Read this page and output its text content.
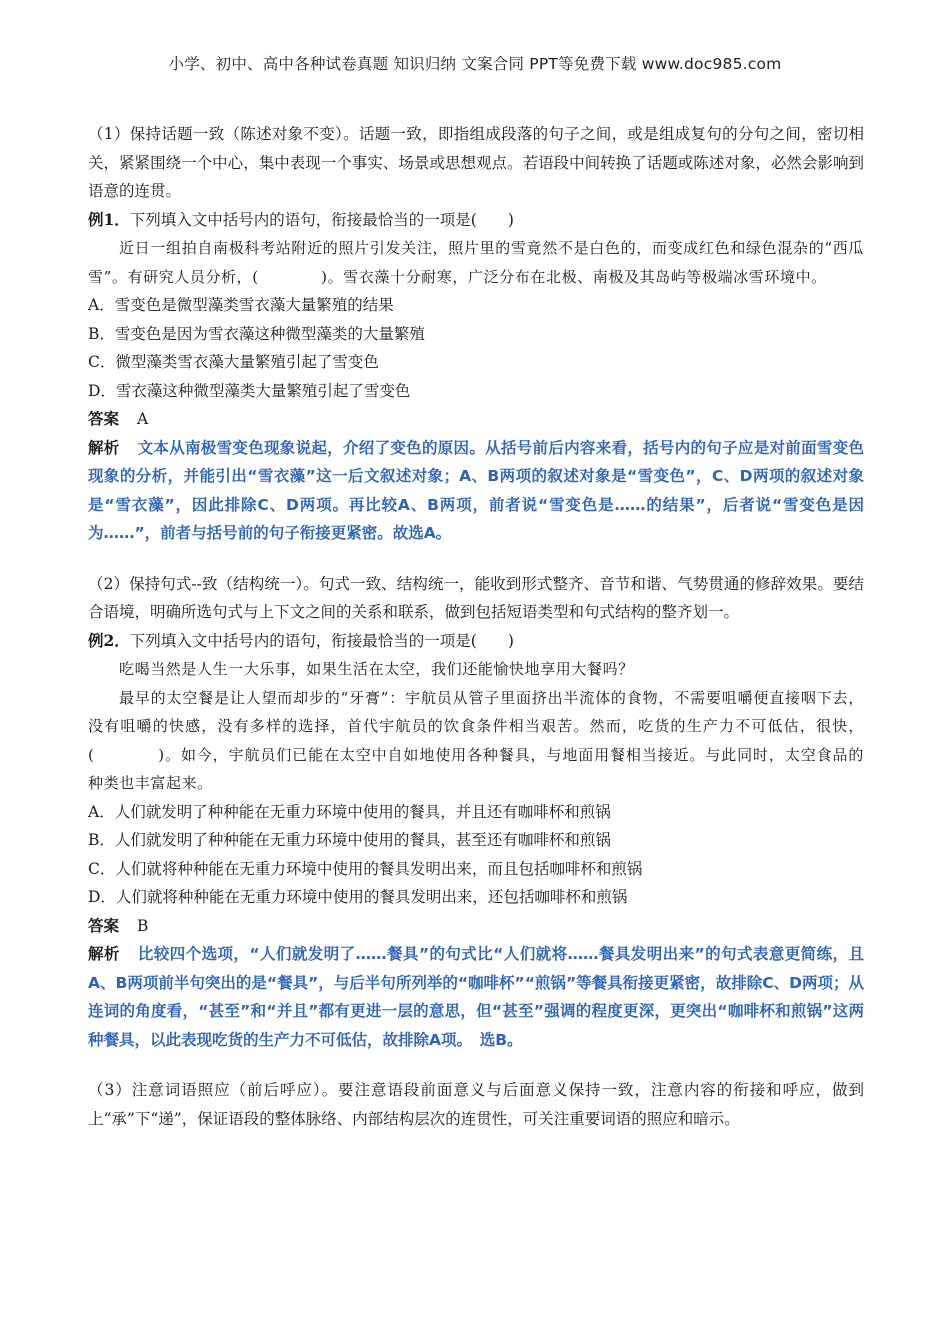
小学、初中、高中各种试卷真题 知识归纳 文案合同 PPT等免费下载 www.doc985.com

（1）保持话题一致（陈述对象不变）。话题一致，即指组成段落的句子之间，或是组成复句的分句之间，密切相关，紧紧围绕一个中心，集中表现一个事实、场景或思想观点。若语段中间转换了话题或陈述对象，必然会影响到语意的连贯。

例1．下列填入文中括号内的语句，衔接最恰当的一项是(　　)

近日一组拍自南极科考站附近的照片引发关注，照片里的雪竟然不是白色的，而变成红色和绿色混杂的“西瓜雪”。有研究人员分析，(　　　　)。雪衣藻十分耐寒，广泛分布在北极、南极及其岛屿等极端冰雪环境中。

A．雪变色是微型藻类雪衣藻大量繁殖的结果

B．雪变色是因为雪衣藻这种微型藻类的大量繁殖

C．微型藻类雪衣藻大量繁殖引起了雪变色

D．雪衣藻这种微型藻类大量繁殖引起了雪变色

答案 A

解析 文本从南极雪变色现象说起，介绍了变色的原因。从括号前后内容来看，括号内的句子应是对前面雪变色现象的分析，并能引出“雪衣藻”这一后文叙述对象；A、B两项的叙述对象是“雪变色”，C、D两项的叙述对象是“雪衣藻”，因此排除C、D两项。再比较A、B两项，前者说“雪变色是……的结果”，后者说“雪变色是因为……”，前者与括号前的句子衔接更紧密。故选A。

（2）保持句式--致（结构统一）。句式一致、结构统一，能收到形式整齐、音节和谐、气势贯通的修辞效果。要结合语境，明确所选句式与上下文之间的关系和联系，做到包括短语类型和句式结构的整齐划一。

例2．下列填入文中括号内的语句，衔接最恰当的一项是(　　)

吃喝当然是人生一大乐事，如果生活在太空，我们还能愉快地享用大餐吗？

最早的太空餐是让人望而却步的“牙膏”：宇航员从管子里面挤出半流体的食物，不需要咀嚼便直接咽下去，没有咀嚼的快感，没有多样的选择，首代宇航员的饮食条件相当艰苦。然而，吃货的生产力不可低估，很快，(　　　　)。如今，宇航员们已能在太空中自如地使用各种餐具，与地面用餐相当接近。与此同时，太空食品的种类也丰富起来。

A．人们就发明了种种能在无重力环境中使用的餐具，并且还有咖啡杯和煎锅

B．人们就发明了种种能在无重力环境中使用的餐具，甚至还有咖啡杯和煎锅

C．人们就将种种能在无重力环境中使用的餐具发明出来，而且包括咖啡杯和煎锅

D．人们就将种种能在无重力环境中使用的餐具发明出来，还包括咖啡杯和煎锅

答案 B

解析 比较四个选项，“人们就发明了……餐具”的句式比“人们就将……餐具发明出来”的句式表意更简练，且A、B两项前半句突出的是“餐具”，与后半句所列举的“咖啡杯”“煎锅”等餐具衔接更紧密，故排除C、D两项；从连词的角度看，“甚至”和“并且”都有更进一层的意思，但“甚至”强调的程度更深，更突出“咖啡杯和煎锅”这两种餐具，以此表现吃货的生产力不可低估，故排除A项。　选B。

（3）注意词语照应（前后呼应）。要注意语段前面意义与后面意义保持一致，注意内容的衔接和呼应，做到上“承”下“递”，保证语段的整体脉络、内部结构层次的连贯性，可关注重要词语的照应和暗示。
